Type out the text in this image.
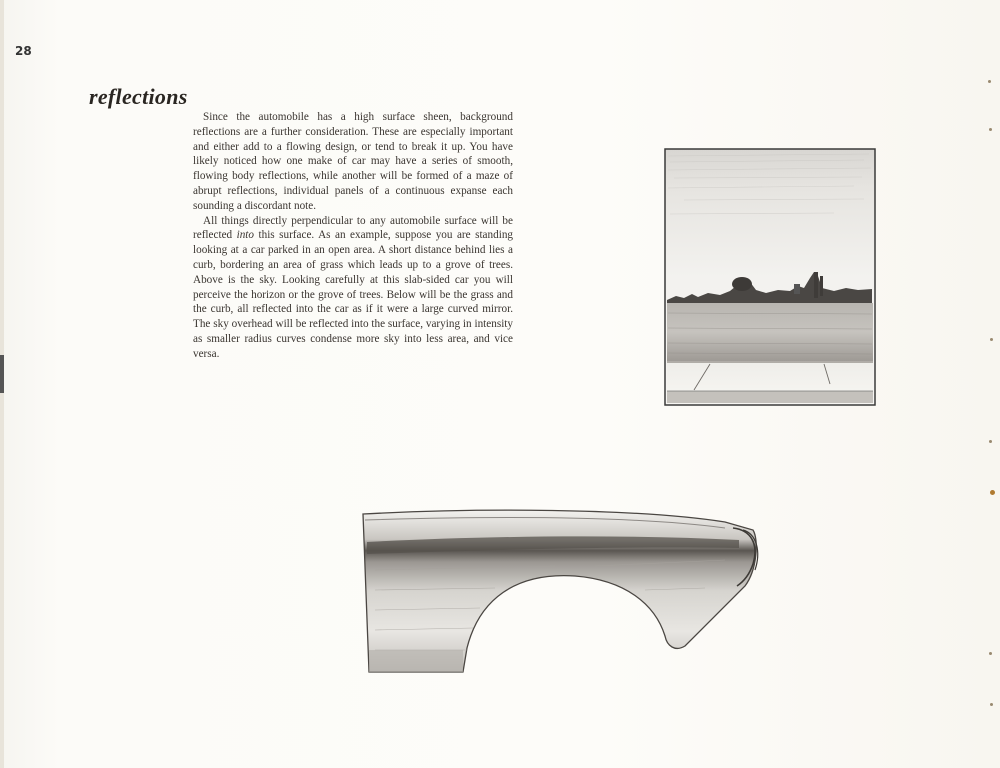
28
reflections

Since the automobile has a high surface sheen, background reflections are a further consideration. These are especially important and either add to a flowing design, or tend to break it up. You have likely noticed how one make of car may have a series of smooth, flowing body reflections, while another will be formed of a maze of abrupt reflections, individual panels of a continuous expanse each sounding a discordant note.

All things directly perpendicular to any automobile surface will be reflected into this surface. As an example, suppose you are standing looking at a car parked in an open area. A short distance behind lies a curb, bordering an area of grass which leads up to a grove of trees. Above is the sky. Looking carefully at this slab-sided car you will perceive the horizon or the grove of trees. Below will be the grass and the curb, all reflected into the car as if it were a large curved mirror. The sky overhead will be reflected into the surface, varying in intensity as smaller radius curves condense more sky into less area, and vice versa.
